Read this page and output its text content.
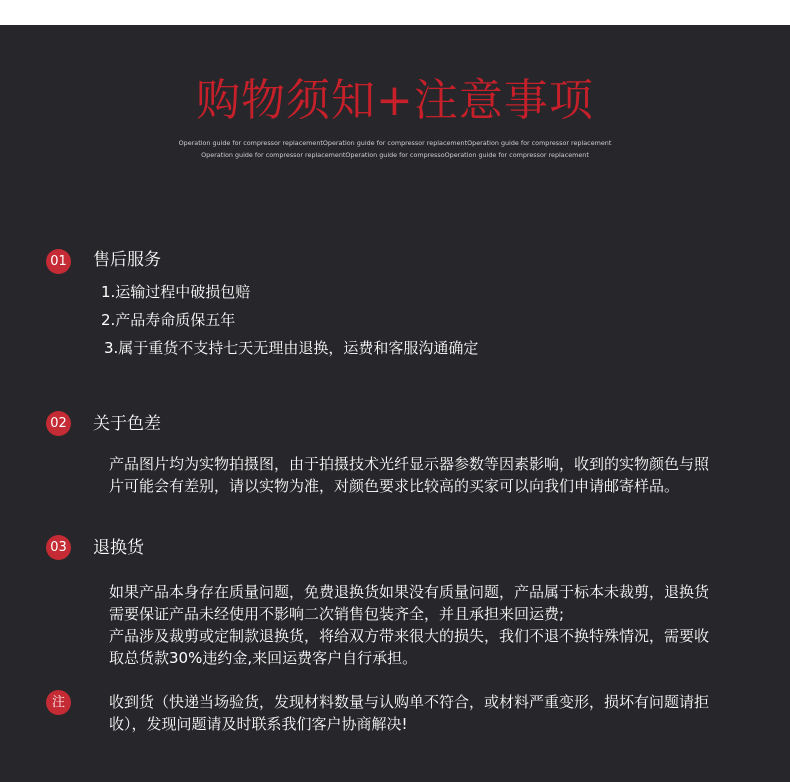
购物须知+注意事项
Operation guide for compressor replacementOperation guide for compressor replacementOperation guide for compressor replacement
Operation guide for compressor replacementOperation guide for compressoOperation guide for compressor replacement
01 售后服务
1.运输过程中破损包赔
2.产品寿命质保五年
3.属于重货不支持七天无理由退换，运费和客服沟通确定
02 关于色差

产品图片均为实物拍摄图，由于拍摄技术光纤显示器参数等因素影响，收到的实物颜色与照片可能会有差别，请以实物为准，对颜色要求比较高的买家可以向我们申请邮寄样品。

03 退换货

如果产品本身存在质量问题，免费退换货如果没有质量问题，产品属于标本未裁剪，退换货需要保证产品未经使用不影响二次销售包装齐全，并且承担来回运费;

产品涉及裁剪或定制款退换货，将给双方带来很大的损失，我们不退不换特殊情况，需要收取总货款30%违约金,来回运费客户自行承担。

注	收到货（快递当场验货，发现材料数量与认购单不符合，或材料严重变形，损坏有问题请拒收），发现问题请及时联系我们客户协商解决!
